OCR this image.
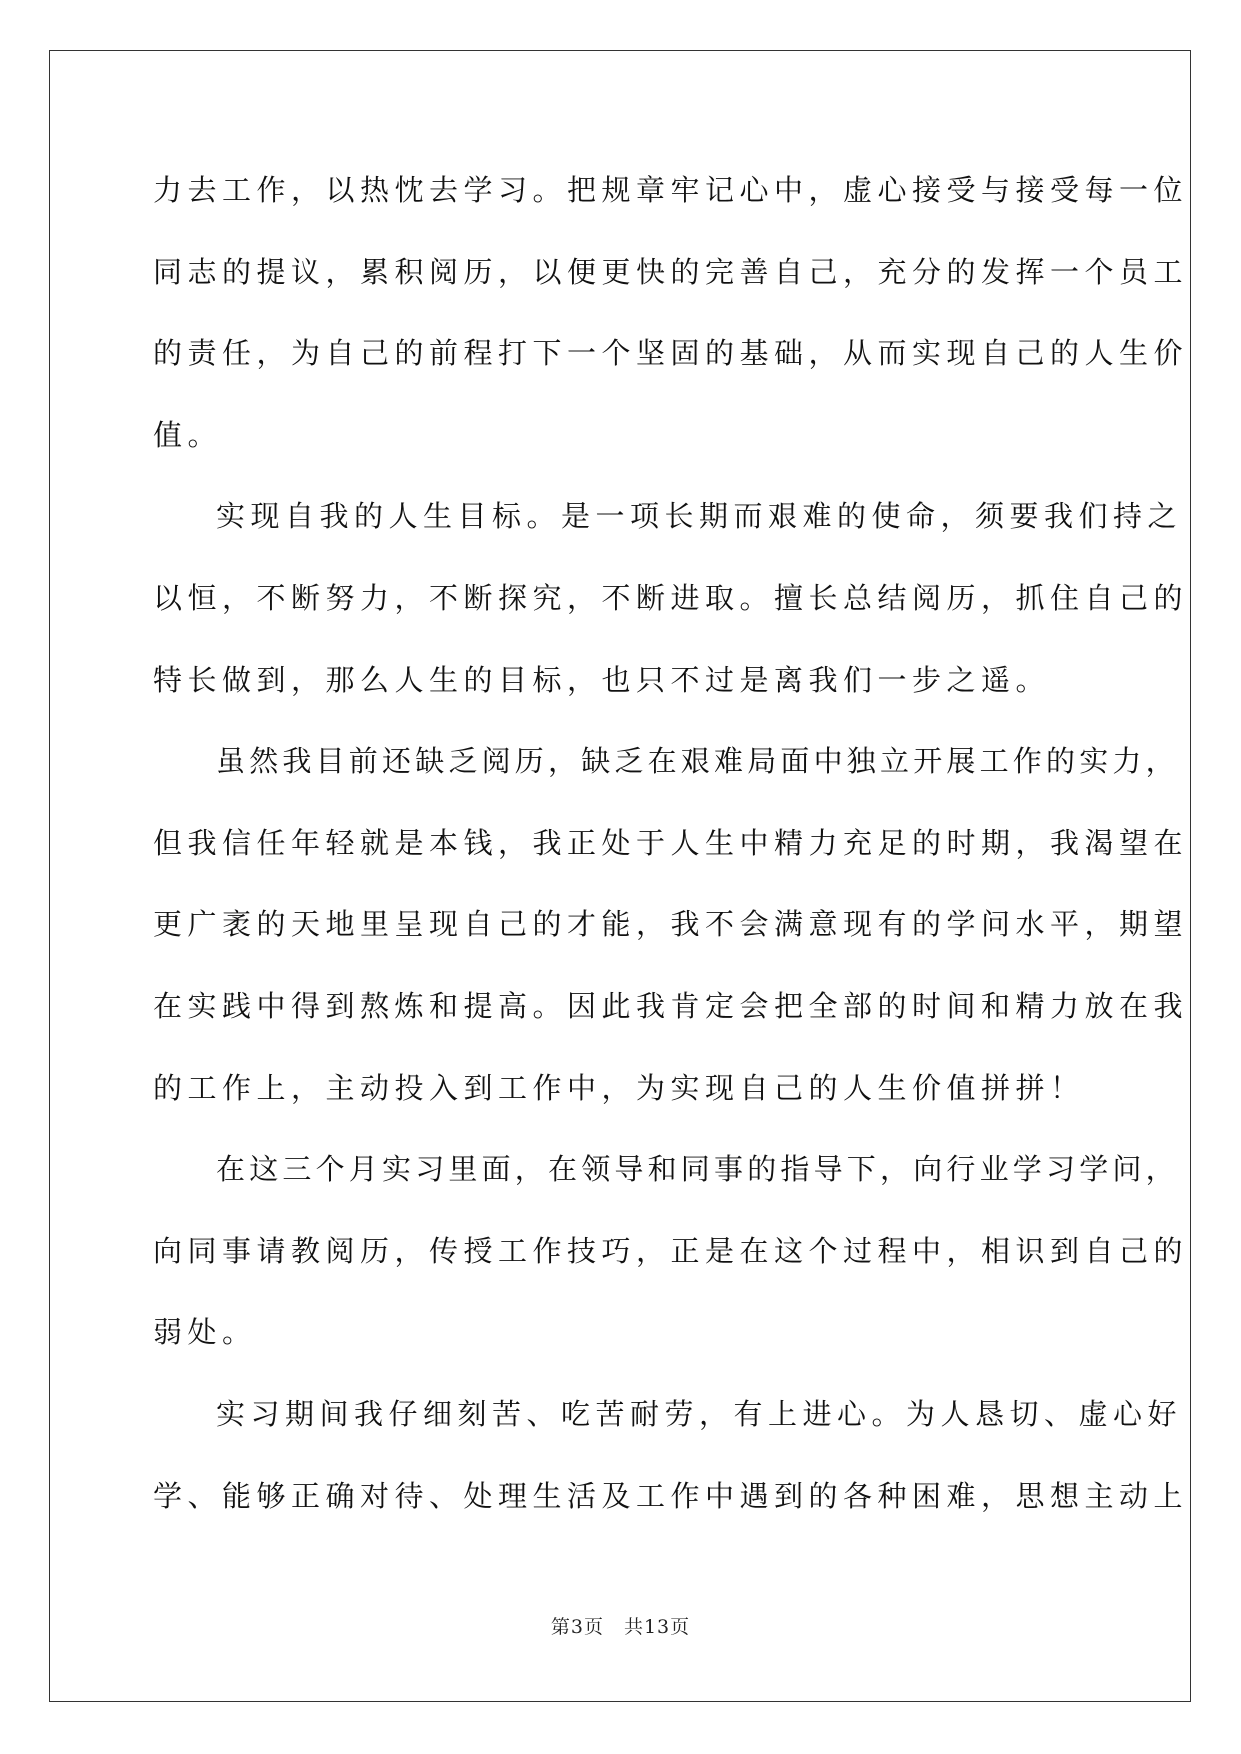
力去工作，以热忱去学习。把规章牢记心中，虚心接受与接受每一位
同志的提议，累积阅历，以便更快的完善自己，充分的发挥一个员工
的责任，为自己的前程打下一个坚固的基础，从而实现自己的人生价
值。
实现自我的人生目标。是一项长期而艰难的使命，须要我们持之
以恒，不断努力，不断探究，不断进取。擅长总结阅历，抓住自己的
特长做到，那么人生的目标，也只不过是离我们一步之遥。
虽然我目前还缺乏阅历，缺乏在艰难局面中独立开展工作的实力，
但我信任年轻就是本钱，我正处于人生中精力充足的时期，我渴望在
更广袤的天地里呈现自己的才能，我不会满意现有的学问水平，期望
在实践中得到熬炼和提高。因此我肯定会把全部的时间和精力放在我
的工作上，主动投入到工作中，为实现自己的人生价值拼拼！
在这三个月实习里面，在领导和同事的指导下，向行业学习学问，
向同事请教阅历，传授工作技巧，正是在这个过程中，相识到自己的
弱处。
实习期间我仔细刻苦、吃苦耐劳，有上进心。为人恳切、虚心好
学、能够正确对待、处理生活及工作中遇到的各种困难，思想主动上
第3页　共13页
